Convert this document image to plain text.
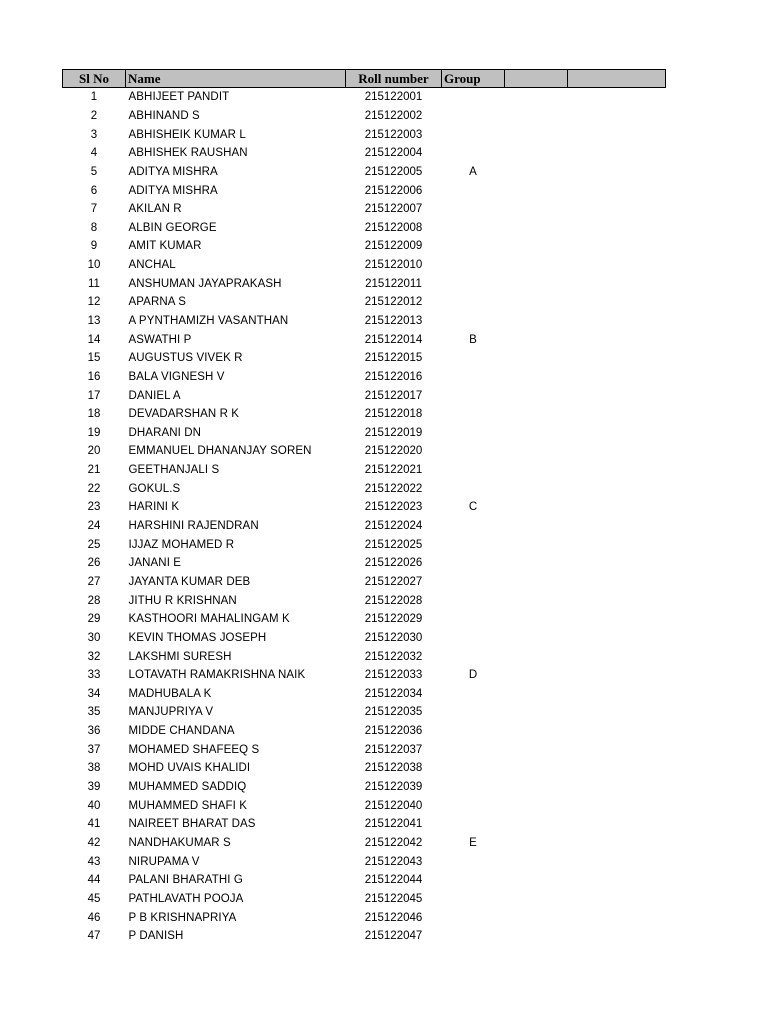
Sl No	Name	Roll number	Group		
1	ABHIJEET PANDIT	215122001			
2	ABHINAND S	215122002			
3	ABHISHEIK KUMAR L	215122003			
4	ABHISHEK RAUSHAN	215122004			
5	ADITYA MISHRA	215122005	A		
6	ADITYA MISHRA	215122006			
7	AKILAN R	215122007			
8	ALBIN GEORGE	215122008			
9	AMIT KUMAR	215122009			
10	ANCHAL	215122010			
11	ANSHUMAN JAYAPRAKASH	215122011			
12	APARNA S	215122012			
13	A PYNTHAMIZH VASANTHAN	215122013			
14	ASWATHI P	215122014	B		
15	AUGUSTUS VIVEK R	215122015			
16	BALA VIGNESH V	215122016			
17	DANIEL A	215122017			
18	DEVADARSHAN R K	215122018			
19	DHARANI DN	215122019			
20	EMMANUEL DHANANJAY SOREN	215122020			
21	GEETHANJALI S	215122021			
22	GOKUL.S	215122022			
23	HARINI K	215122023	C		
24	HARSHINI RAJENDRAN	215122024			
25	IJJAZ MOHAMED R	215122025			
26	JANANI E	215122026			
27	JAYANTA KUMAR DEB	215122027			
28	JITHU R KRISHNAN	215122028			
29	KASTHOORI MAHALINGAM K	215122029			
30	KEVIN THOMAS JOSEPH	215122030			
32	LAKSHMI SURESH	215122032			
33	LOTAVATH RAMAKRISHNA NAIK	215122033	D		
34	MADHUBALA K	215122034			
35	MANJUPRIYA V	215122035			
36	MIDDE CHANDANA	215122036			
37	MOHAMED SHAFEEQ S	215122037			
38	MOHD UVAIS KHALIDI	215122038			
39	MUHAMMED SADDIQ	215122039			
40	MUHAMMED SHAFI K	215122040			
41	NAIREET BHARAT DAS	215122041			
42	NANDHAKUMAR S	215122042	E		
43	NIRUPAMA V	215122043			
44	PALANI BHARATHI G	215122044			
45	PATHLAVATH POOJA	215122045			
46	P B KRISHNAPRIYA	215122046			
47	P DANISH	215122047			
